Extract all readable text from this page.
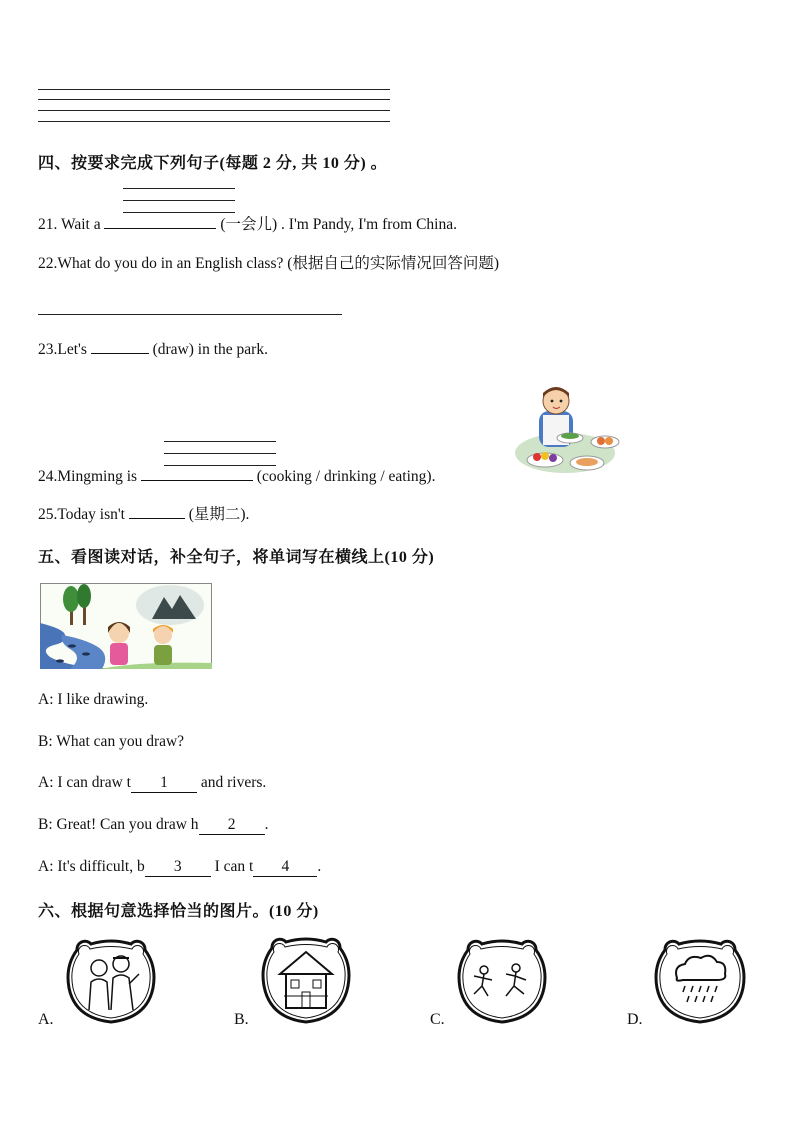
四、按要求完成下列句子(每题 2 分, 共 10 分) 。
21. Wait a	(一会儿) . I'm Pandy, I'm from China.
22.What do you do in an English class? (根据自己的实际情况回答问题)
23.Let's	(draw) in the park.
24.Mingming is	(cooking / drinking / eating).
25.Today isn't	(星期二).
五、看图读对话，补全句子，将单词写在横线上(10 分)
A: I like drawing.
B: What can you draw?
A: I can draw t 1 and rivers.
B: Great! Can you draw h 2 .
A: It's difficult, b 3 I can t 4 .
六、根据句意选择恰当的图片。(10 分)
A.	B.	C.	D.
